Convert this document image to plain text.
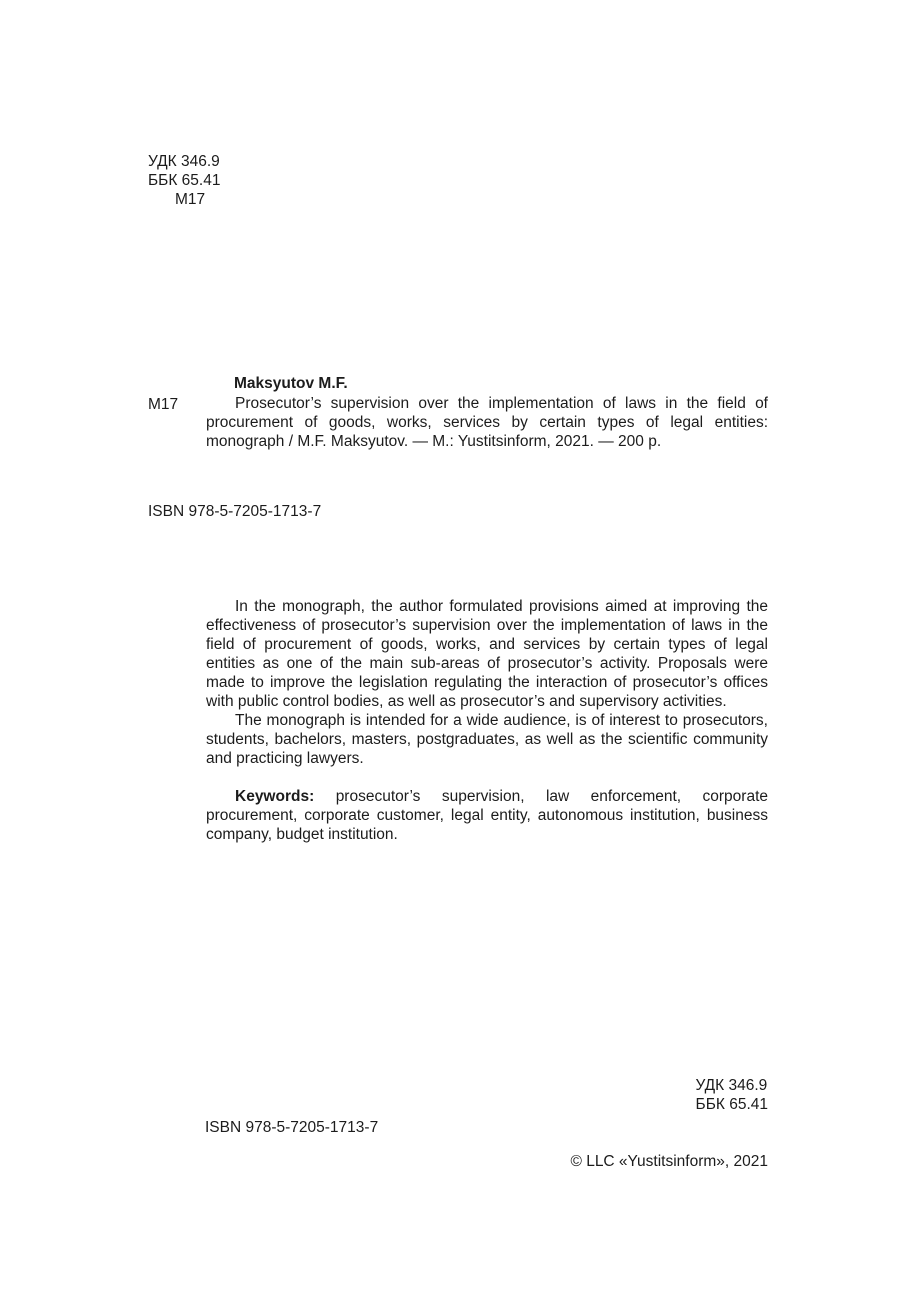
УДК 346.9
ББК 65.41
М17
Maksyutov M.F.
M17	Prosecutor’s supervision over the implementation of laws in the field of procurement of goods, works, services by certain types of legal entities: monograph / M.F. Maksyutov. — M.: Yustitsinform, 2021. — 200 р.
ISBN 978-5-7205-1713-7

In the monograph, the author formulated provisions aimed at improving the effectiveness of prosecutor’s supervision over the implementation of laws in the field of procurement of goods, works, and services by certain types of legal entities as one of the main sub-areas of prosecutor’s activity. Proposals were made to improve the legislation regulating the interaction of prosecutor’s offices with public control bodies, as well as prosecutor’s and supervisory activities.

The monograph is intended for a wide audience, is of interest to prosecutors, students, bachelors, masters, postgraduates, as well as the scientific community and practicing lawyers.

Keywords: prosecutor’s supervision, law enforcement, corporate procurement, corporate customer, legal entity, autonomous institution, business company, budget institution.

УДК 346.9
ББК 65.41
ISBN 978-5-7205-1713-7
© LLC «Yustitsinform», 2021
